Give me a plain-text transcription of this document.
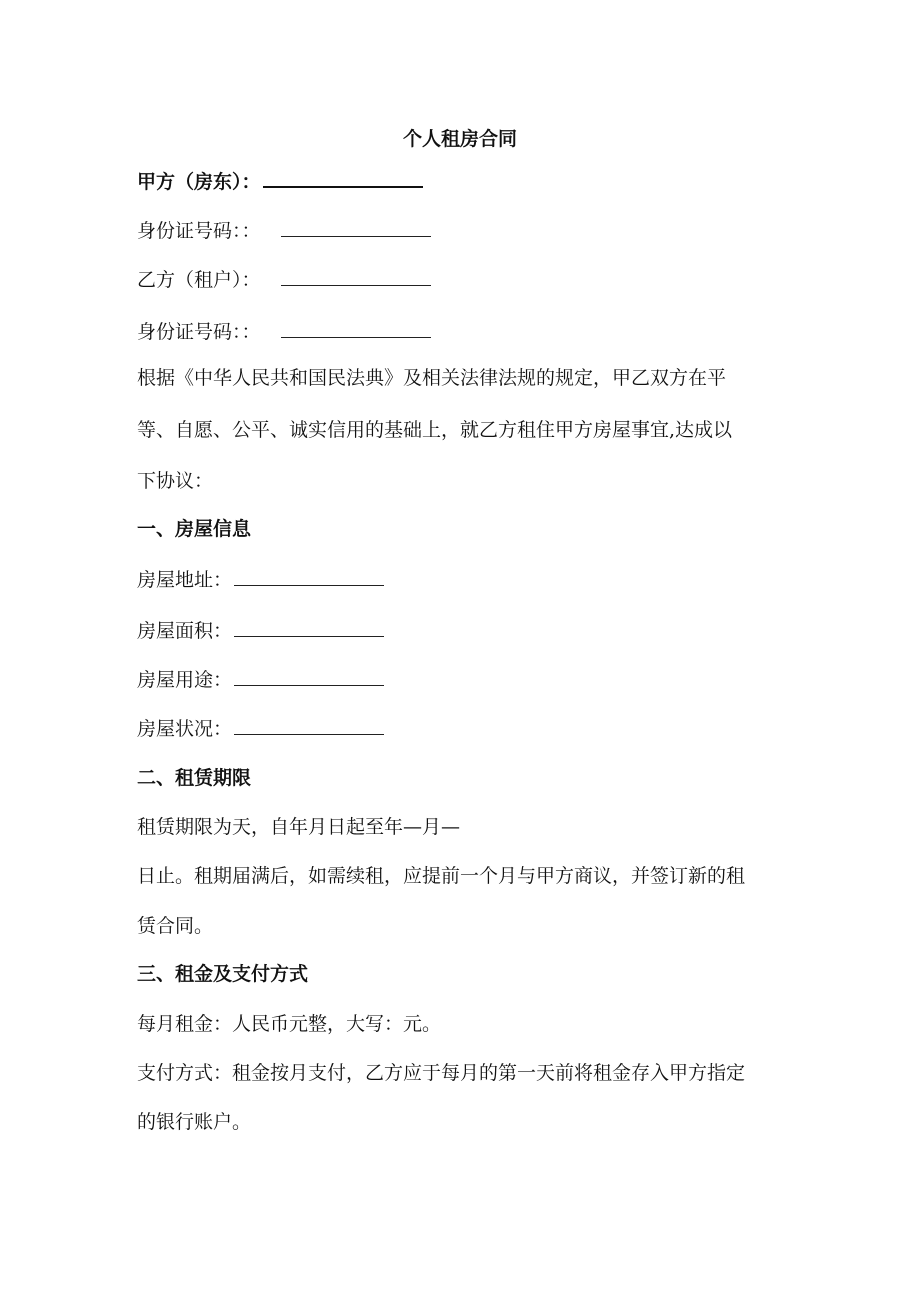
个人租房合同
甲方（房东）：
身份证号码：：
乙方（租户）：
身份证号码：：
根据《中华人民共和国民法典》及相关法律法规的规定，甲乙双方在平
等、自愿、公平、诚实信用的基础上，就乙方租住甲方房屋事宜,达成以
下协议：
一、房屋信息
房屋地址：
房屋面积：
房屋用途：
房屋状况：
二、租赁期限
租赁期限为天，自年月日起至年—月—
日止。租期届满后，如需续租，应提前一个月与甲方商议，并签订新的租
赁合同。
三、租金及支付方式
每月租金：人民币元整，大写：元。
支付方式：租金按月支付，乙方应于每月的第一天前将租金存入甲方指定
的银行账户。
